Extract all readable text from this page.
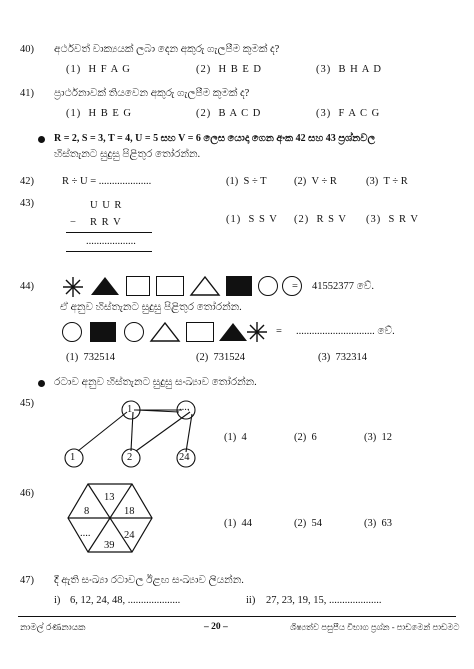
40) අර්ථවත් වාක්‍යයක් ලබා දෙන අකුරු ගැලපීම කුමක් ද?
(1) H F A G	(2) H B E D	(3) B H A D
41) ප්‍රාර්ථනාවක් තියවෙන අකුරු ගැලපීම කුමක් ද?
(1) H B E G	(2) B A C D	(3) F A C G
R = 2, S = 3, T = 4, U = 5 සහ V = 6 ලෙස යොදා ගෙන අංක 42 සහ 43 ප්‍රශ්නවල
හිස්තැනට සුදුසු පිළිතුර තෝරන්න.
42)	R ÷ U = ....................	(1) S ÷ T	(2) V ÷ R	(3) T ÷ R
43)	U U R
− R R V
...................
(1) S S V (2) R S V (3) S R V
44)	= 41552377 වේ.
ඒ අනුව හිස්තැනට සුදුසු පිළිතුර තෝරන්න.
= .............................. වේ.
(1) 732514	(2) 731524	(3) 732314
රටාව අනුව හිස්තැනට සුදුසු සංඛ්‍යාව තෝරන්න.
45)
1	....
1	2	24
(1) 4	(2) 6	(3) 12
46)	13
18
24
39
....
8
(1) 44	(2) 54	(3) 63
47) දී ඇති සංඛ්‍යා රටාවල ඊළඟ සංඛ්‍යාව ලියන්න.
i) 6, 12, 24, 48, ....................	ii) 27, 23, 19, 15, ....................
නාමල් රණනායක	– 20 –	ශිෂ්‍යත්ව පසුපීය විභාග ප්‍රශ්න - පාඩමෙන් පාඩමට
